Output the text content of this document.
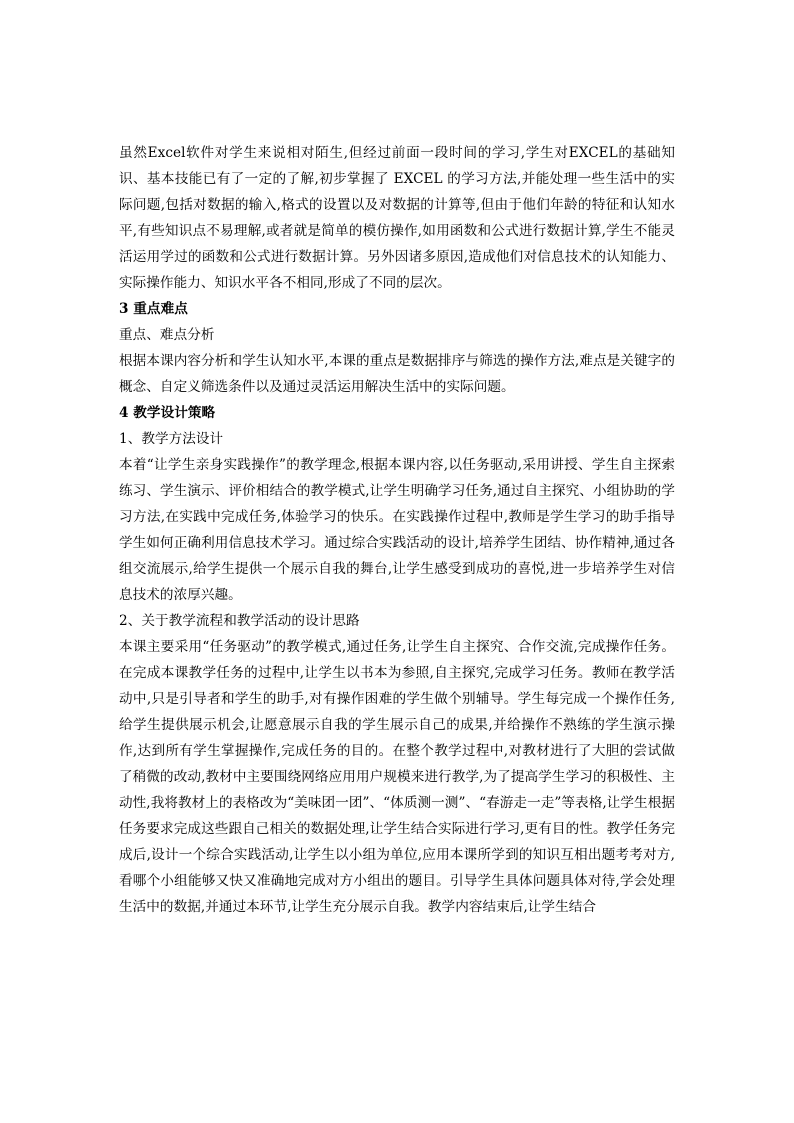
虽然Excel软件对学生来说相对陌生,但经过前面一段时间的学习,学生对EXCEL的基础知识、基本技能已有了一定的了解,初步掌握了 EXCEL 的学习方法,并能处理一些生活中的实际问题,包括对数据的输入,格式的设置以及对数据的计算等,但由于他们年龄的特征和认知水平,有些知识点不易理解,或者就是简单的模仿操作,如用函数和公式进行数据计算,学生不能灵活运用学过的函数和公式进行数据计算。另外因诸多原因,造成他们对信息技术的认知能力、实际操作能力、知识水平各不相同,形成了不同的层次。

3 重点难点

重点、难点分析

根据本课内容分析和学生认知水平,本课的重点是数据排序与筛选的操作方法,难点是关键字的概念、自定义筛选条件以及通过灵活运用解决生活中的实际问题。

4 教学设计策略

1、教学方法设计

本着“让学生亲身实践操作”的教学理念,根据本课内容,以任务驱动,采用讲授、学生自主探索练习、学生演示、评价相结合的教学模式,让学生明确学习任务,通过自主探究、小组协助的学习方法,在实践中完成任务,体验学习的快乐。在实践操作过程中,教师是学生学习的助手指导学生如何正确利用信息技术学习。通过综合实践活动的设计,培养学生团结、协作精神,通过各组交流展示,给学生提供一个展示自我的舞台,让学生感受到成功的喜悦,进一步培养学生对信息技术的浓厚兴趣。

2、关于教学流程和教学活动的设计思路

本课主要采用“任务驱动”的教学模式,通过任务,让学生自主探究、合作交流,完成操作任务。在完成本课教学任务的过程中,让学生以书本为参照,自主探究,完成学习任务。教师在教学活动中,只是引导者和学生的助手,对有操作困难的学生做个别辅导。学生每完成一个操作任务,给学生提供展示机会,让愿意展示自我的学生展示自己的成果,并给操作不熟练的学生演示操作,达到所有学生掌握操作,完成任务的目的。在整个教学过程中,对教材进行了大胆的尝试做了稍微的改动,教材中主要围绕网络应用用户规模来进行教学,为了提高学生学习的积极性、主动性,我将教材上的表格改为“美味团一团”、“体质测一测”、“春游走一走”等表格,让学生根据任务要求完成这些跟自己相关的数据处理,让学生结合实际进行学习,更有目的性。教学任务完成后,设计一个综合实践活动,让学生以小组为单位,应用本课所学到的知识互相出题考考对方,看哪个小组能够又快又准确地完成对方小组出的题目。引导学生具体问题具体对待,学会处理生活中的数据,并通过本环节,让学生充分展示自我。教学内容结束后,让学生结合
